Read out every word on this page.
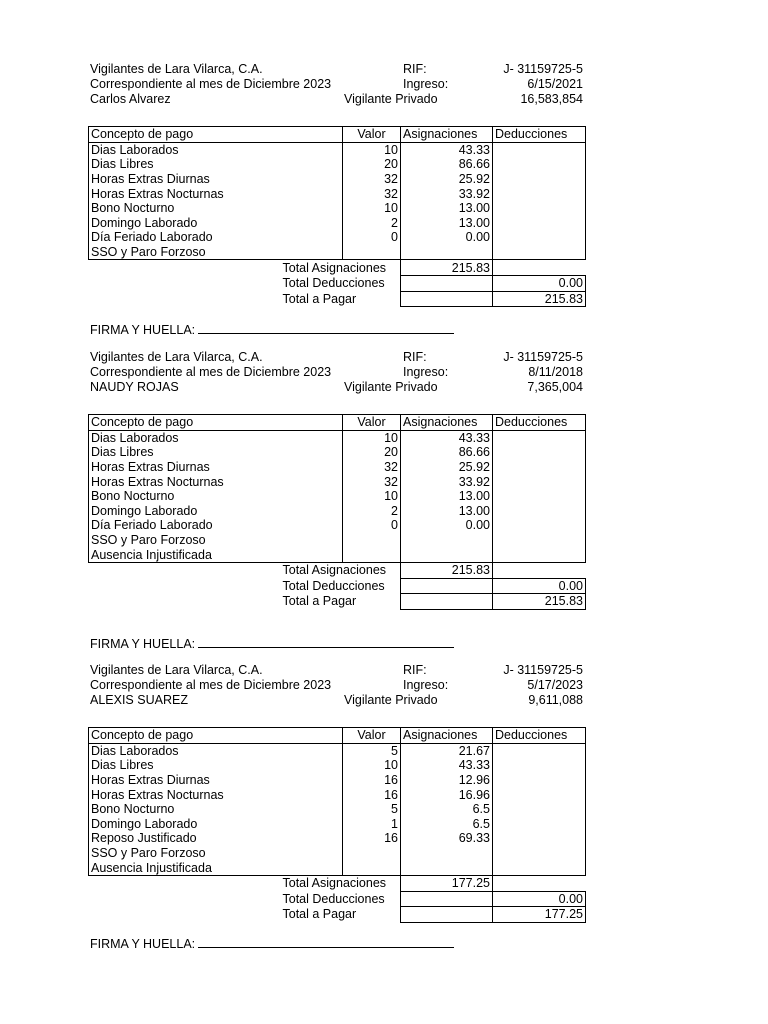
Vigilantes de Lara Vilarca, C.A.	RIF:	J- 31159725-5
Correspondiente al mes de Diciembre 2023	Ingreso:	6/15/2021
Carlos Alvarez	Vigilante Privado	16,583,854
Concepto de pago	Valor	Asignaciones	Deducciones
Dias Laborados	10	43.33	
Dias Libres	20	86.66	
Horas Extras Diurnas	32	25.92	
Horas Extras Nocturnas	32	33.92	
Bono Nocturno	10	13.00	
Domingo Laborado	2	13.00	
Día Feriado Laborado	0	0.00	
SSO y Paro Forzoso			
Total Asignaciones		215.83	
Total Deducciones			0.00
Total a Pagar			215.83
FIRMA Y HUELLA:
Vigilantes de Lara Vilarca, C.A.	RIF:	J- 31159725-5
Correspondiente al mes de Diciembre 2023	Ingreso:	8/11/2018
NAUDY ROJAS	Vigilante Privado	7,365,004
Concepto de pago	Valor	Asignaciones	Deducciones
Dias Laborados	10	43.33	
Dias Libres	20	86.66	
Horas Extras Diurnas	32	25.92	
Horas Extras Nocturnas	32	33.92	
Bono Nocturno	10	13.00	
Domingo Laborado	2	13.00	
Día Feriado Laborado	0	0.00	
SSO y Paro Forzoso			
Ausencia Injustificada			
Total Asignaciones		215.83	
Total Deducciones			0.00
Total a Pagar			215.83
FIRMA Y HUELLA:
Vigilantes de Lara Vilarca, C.A.	RIF:	J- 31159725-5
Correspondiente al mes de Diciembre 2023	Ingreso:	5/17/2023
ALEXIS SUAREZ	Vigilante Privado	9,611,088
Concepto de pago	Valor	Asignaciones	Deducciones
Dias Laborados	5	21.67	
Dias Libres	10	43.33	
Horas Extras Diurnas	16	12.96	
Horas Extras Nocturnas	16	16.96	
Bono Nocturno	5	6.5	
Domingo Laborado	1	6.5	
Reposo Justificado	16	69.33	
SSO y Paro Forzoso			
Ausencia Injustificada			
Total Asignaciones		177.25	
Total Deducciones			0.00
Total a Pagar			177.25
FIRMA Y HUELLA:
